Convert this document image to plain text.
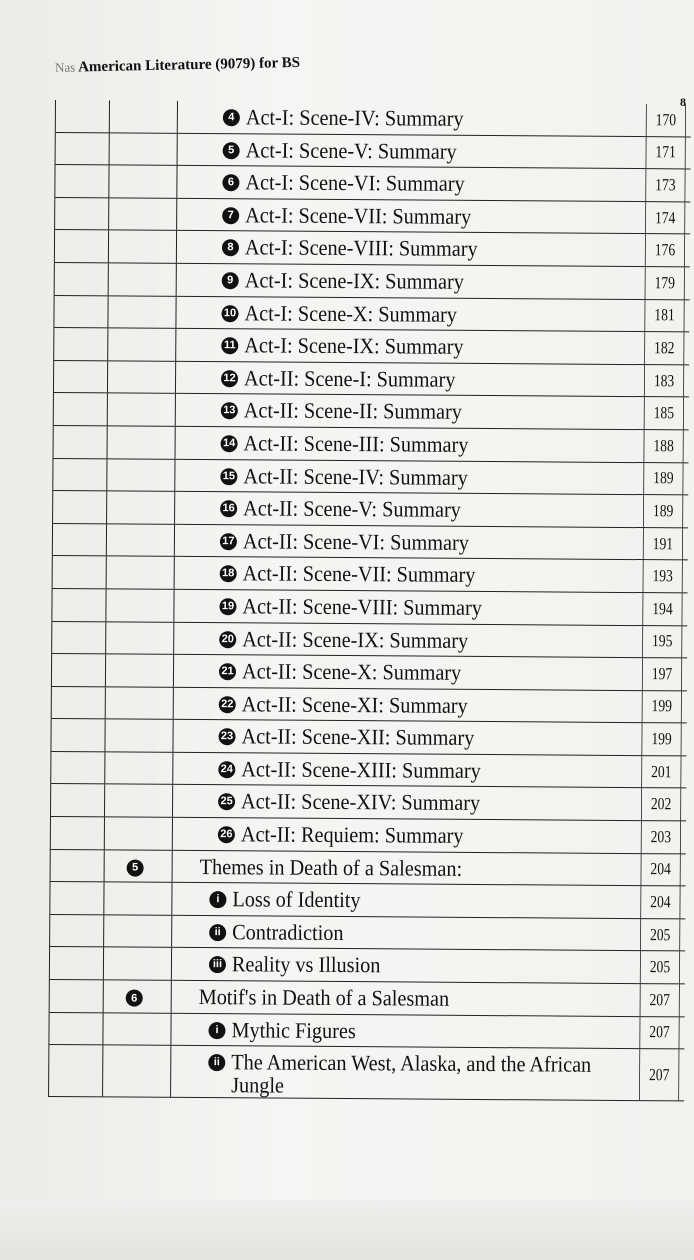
Nas American Literature (9079) for BS
8
4 Act-I: Scene-IV: Summary	170
5 Act-I: Scene-V: Summary	171
6 Act-I: Scene-VI: Summary	173
7 Act-I: Scene-VII: Summary	174
8 Act-I: Scene-VIII: Summary	176
9 Act-I: Scene-IX: Summary	179
10 Act-I: Scene-X: Summary	181
11 Act-I: Scene-IX: Summary	182
12 Act-II: Scene-I: Summary	183
13 Act-II: Scene-II: Summary	185
14 Act-II: Scene-III: Summary	188
15 Act-II: Scene-IV: Summary	189
16 Act-II: Scene-V: Summary	189
17 Act-II: Scene-VI: Summary	191
18 Act-II: Scene-VII: Summary	193
19 Act-II: Scene-VIII: Summary	194
20 Act-II: Scene-IX: Summary	195
21 Act-II: Scene-X: Summary	197
22 Act-II: Scene-XI: Summary	199
23 Act-II: Scene-XII: Summary	199
24 Act-II: Scene-XIII: Summary	201
25 Act-II: Scene-XIV: Summary	202
26 Act-II: Requiem: Summary	203
5	Themes in Death of a Salesman:	204
i Loss of Identity	204
ii Contradiction	205
iii Reality vs Illusion	205
6	Motif's in Death of a Salesman	207
i Mythic Figures	207
ii The American West, Alaska, and the African Jungle	207
